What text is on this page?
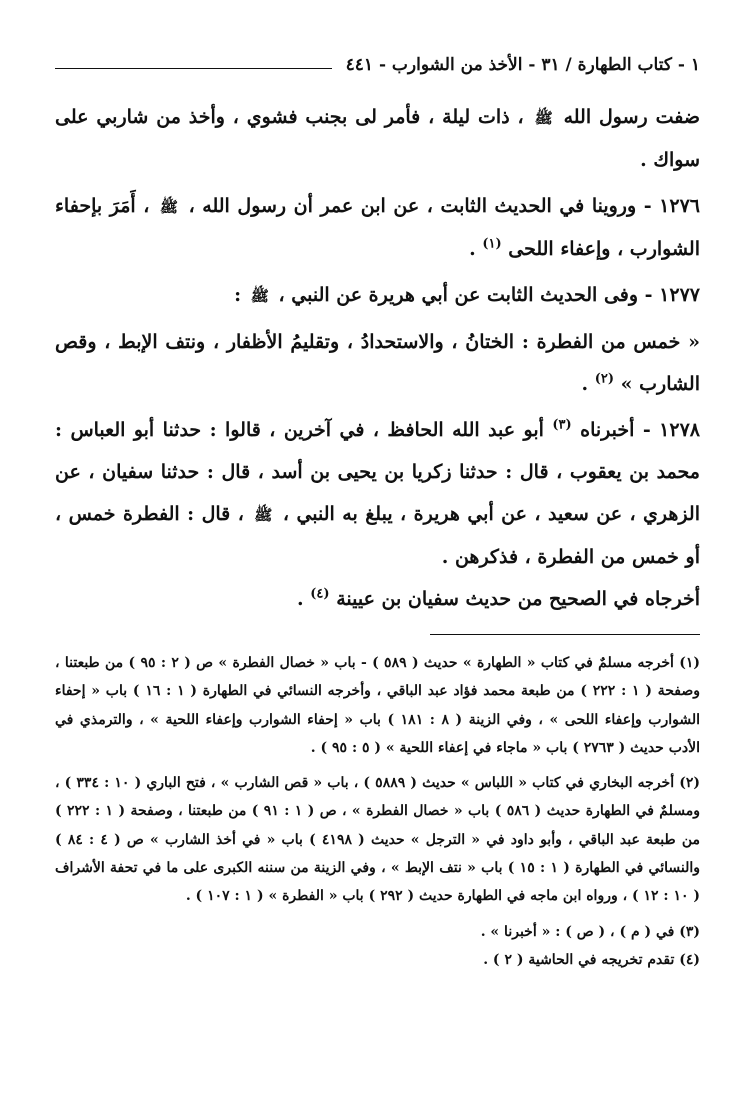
١ - كتاب الطهارة / ٣١ - الأخذ من الشوارب - ٤٤١

ضفت رسول الله ﷺ ، ذات ليلة ، فأمر لى بجنب فشوي ، وأخذ من شاربي على سواك .

١٢٧٦ - وروينا في الحديث الثابت ، عن ابن عمر أن رسول الله ، ﷺ ، أَمَرَ بإحفاء الشوارب ، وإعفاء اللحى $^{(١)}$ .

١٢٧٧ - وفى الحديث الثابت عن أبي هريرة عن النبي ، ﷺ :

« خمس من الفطرة : الختانُ ، والاستحدادُ ، وتقليمُ الأظفار ، ونتف الإبط ، وقص الشارب » $^{(٢)}$ .

١٢٧٨ - أخبرناه $^{(٣)}$ أبو عبد الله الحافظ ، في آخرين ، قالوا : حدثنا أبو العباس : محمد بن يعقوب ، قال : حدثنا زكريا بن يحيى بن أسد ، قال : حدثنا سفيان ، عن الزهري ، عن سعيد ، عن أبي هريرة ، يبلغ به النبي ، ﷺ ، قال : الفطرة خمس ، أو خمس من الفطرة ، فذكرهن .

أخرجاه في الصحيح من حديث سفيان بن عيينة $^{(٤)}$ .

(١) أخرجه مسلمٌ في كتاب « الطهارة » حديث ( ٥٨٩ ) - باب « خصال الفطرة » ص ( ٢ : ٩٥ ) من طبعتنا ، وصفحة ( ١ : ٢٢٢ ) من طبعة محمد فؤاد عبد الباقي ، وأخرجه النسائي في الطهارة ( ١ : ١٦ ) باب « إحفاء الشوارب وإعفاء اللحى » ، وفي الزينة ( ٨ : ١٨١ ) باب « إحفاء الشوارب وإعفاء اللحية » ، والترمذي في الأدب حديث ( ٢٧٦٣ ) باب « ماجاء في إعفاء اللحية » ( ٥ : ٩٥ ) .

(٢) أخرجه البخاري في كتاب « اللباس » حديث ( ٥٨٨٩ ) ، باب « قص الشارب » ، فتح الباري ( ١٠ : ٣٣٤ ) ، ومسلمٌ في الطهارة حديث ( ٥٨٦ ) باب « خصال الفطرة » ، ص ( ١ : ٩١ ) من طبعتنا ، وصفحة ( ١ : ٢٢٢ ) من طبعة عبد الباقي ، وأبو داود في « الترجل » حديث ( ٤١٩٨ ) باب « في أخذ الشارب » ص ( ٤ : ٨٤ ) والنسائي في الطهارة ( ١ : ١٥ ) باب « نتف الإبط » ، وفي الزينة من سننه الكبرى على ما في تحفة الأشراف ( ١٠ : ١٢ ) ، ورواه ابن ماجه في الطهارة حديث ( ٢٩٢ ) باب « الفطرة » ( ١ : ١٠٧ ) .

(٣) في ( م ) ، ( ص ) : « أخبرنا » .

(٤) تقدم تخريجه في الحاشية ( ٢ ) .
